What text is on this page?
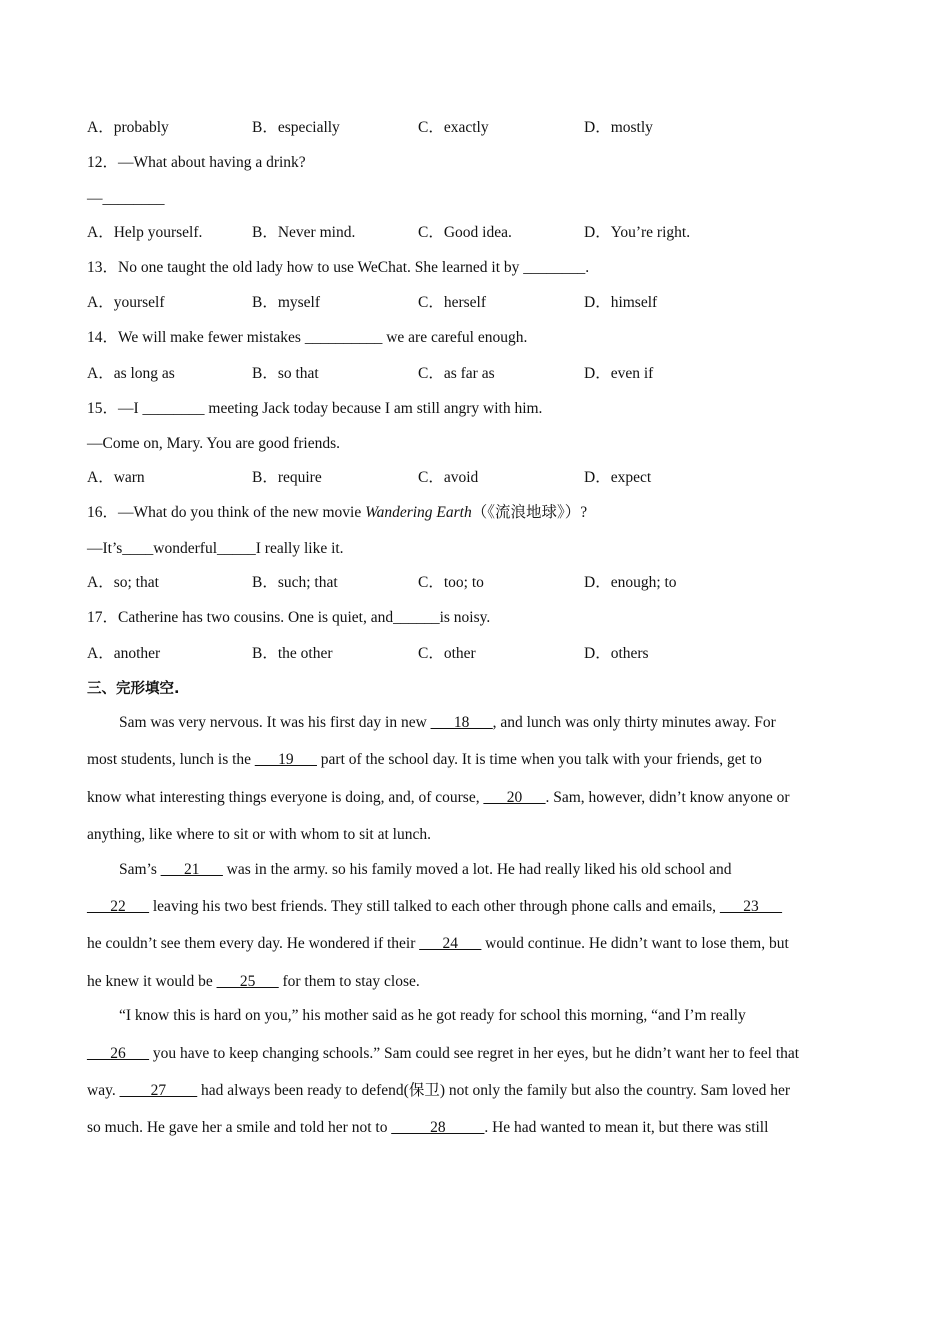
A．probably	B．especially	C．exactly	D．mostly
12．—What about having a drink?
—________
A．Help yourself.	B．Never mind.	C．Good idea.	D．You’re right.
13．No one taught the old lady how to use WeChat. She learned it by ________.
A．yourself	B．myself	C．herself	D．himself
14．We will make fewer mistakes __________ we are careful enough.
A．as long as	B．so that	C．as far as	D．even if
15．—I ________ meeting Jack today because I am still angry with him.
—Come on, Mary. You are good friends.
A．warn	B．require	C．avoid	D．expect
16．—What do you think of the new movie Wandering Earth（《流浪地球》）?
—It’s____wonderful_____I really like it.
A．so; that	B．such; that	C．too; to	D．enough; to
17．Catherine has two cousins. One is quiet, and______is noisy.
A．another	B．the other	C．other	D．others
三、完形填空.
Sam was very nervous. It was his first day in new ___18___, and lunch was only thirty minutes away. For
most students, lunch is the ___19___ part of the school day. It is time when you talk with your friends, get to
know what interesting things everyone is doing, and, of course, ___20___. Sam, however, didn’t know anyone or
anything, like where to sit or with whom to sit at lunch.
Sam’s ___21___ was in the army. so his family moved a lot. He had really liked his old school and
___22___ leaving his two best friends. They still talked to each other through phone calls and emails, ___23___
he couldn’t see them every day. He wondered if their ___24___ would continue. He didn’t want to lose them, but
he knew it would be ___25___ for them to stay close.
“I know this is hard on you,” his mother said as he got ready for school this morning, “and I’m really
___26___ you have to keep changing schools.” Sam could see regret in her eyes, but he didn’t want her to feel that
way. ____27____ had always been ready to defend(保卫) not only the family but also the country. Sam loved her
so much. He gave her a smile and told her not to _____28_____. He had wanted to mean it, but there was still
